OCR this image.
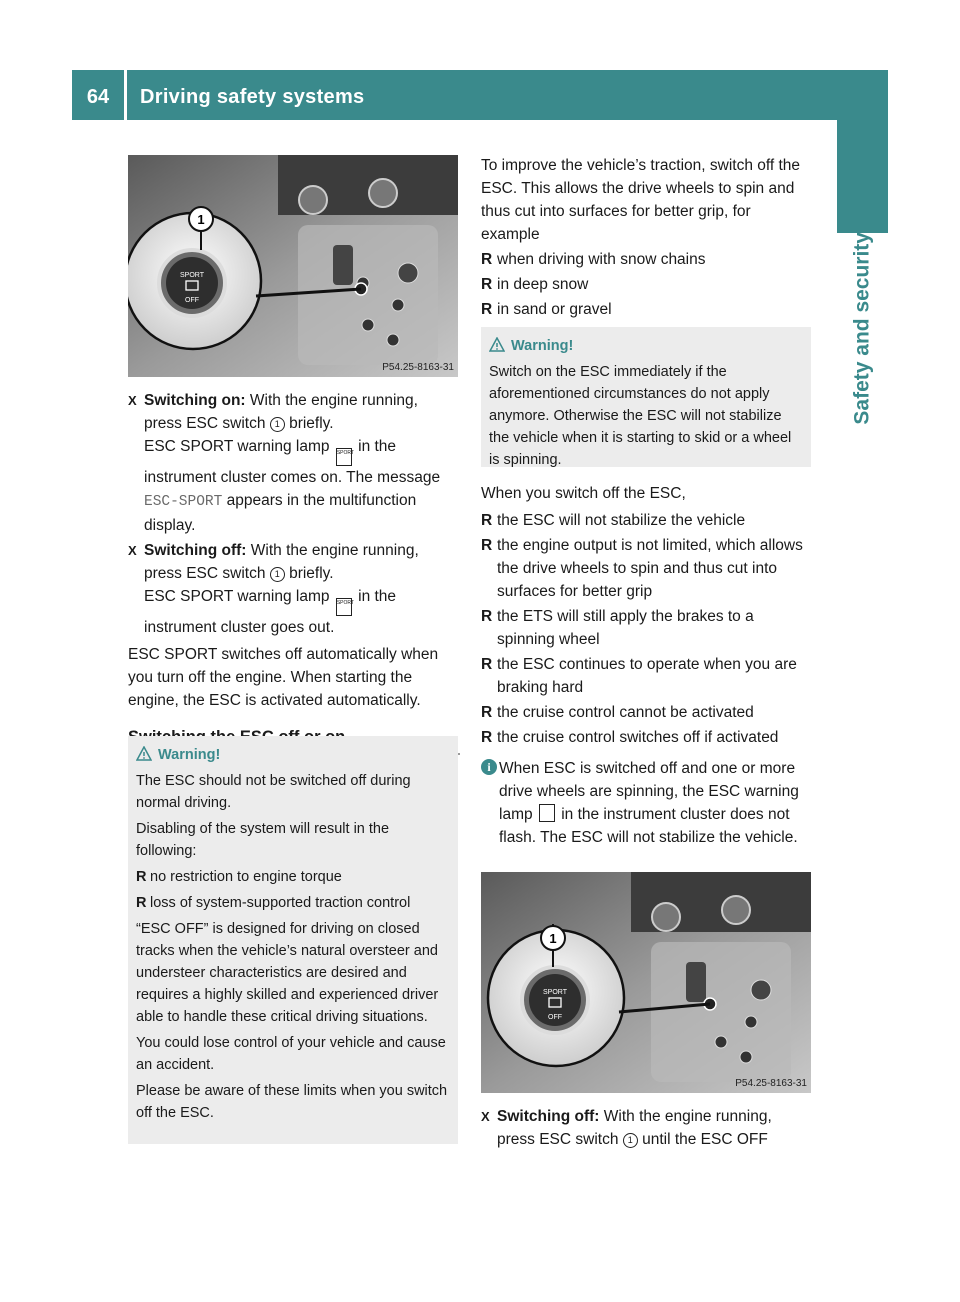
64	Driving safety systems
Safety and security
SPORT
OFF
1
P54.25-8163-31
X Switching on: With the engine running, press ESC switch 1 briefly.

ESC SPORT warning lamp SPORT in the instrument cluster comes on. The message ESC-SPORT appears in the multifunction display.

X Switching off: With the engine running, press ESC switch 1 briefly.

ESC SPORT warning lamp SPORT in the instrument cluster goes out.

ESC SPORT switches off automatically when you turn off the engine. When starting the engine, the ESC is activated automatically.

Warning!

The ESC should not be switched off during normal driving.

Disabling of the system will result in the following:

R no restriction to engine torque
R loss of system-supported traction control

“ESC OFF” is designed for driving on closed tracks when the vehicle’s natural oversteer and understeer characteristics are desired and requires a highly skilled and experienced driver able to handle these critical driving situations.

You could lose control of your vehicle and cause an accident.

Please be aware of these limits when you switch off the ESC.

To improve the vehicle’s traction, switch off the ESC. This allows the drive wheels to spin and thus cut into surfaces for better grip, for example

R when driving with snow chains
R in deep snow
R in sand or gravel
Warning!

Switch on the ESC immediately if the aforementioned circumstances do not apply anymore. Otherwise the ESC will not stabilize the vehicle when it is starting to skid or a wheel is spinning.

When you switch off the ESC,

R the ESC will not stabilize the vehicle
R the engine output is not limited, which allows the drive wheels to spin and thus cut into surfaces for better grip
R the ETS will still apply the brakes to a spinning wheel
R the ESC continues to operate when you are braking hard
R the cruise control cannot be activated
R the cruise control switches off if activated
i When ESC is switched off and one or more drive wheels are spinning, the ESC warning lamp  in the instrument cluster does not flash. The ESC will not stabilize the vehicle.

SPORT
OFF
1
P54.25-8163-31
X Switching off: With the engine running, press ESC switch 1 until the ESC OFF
